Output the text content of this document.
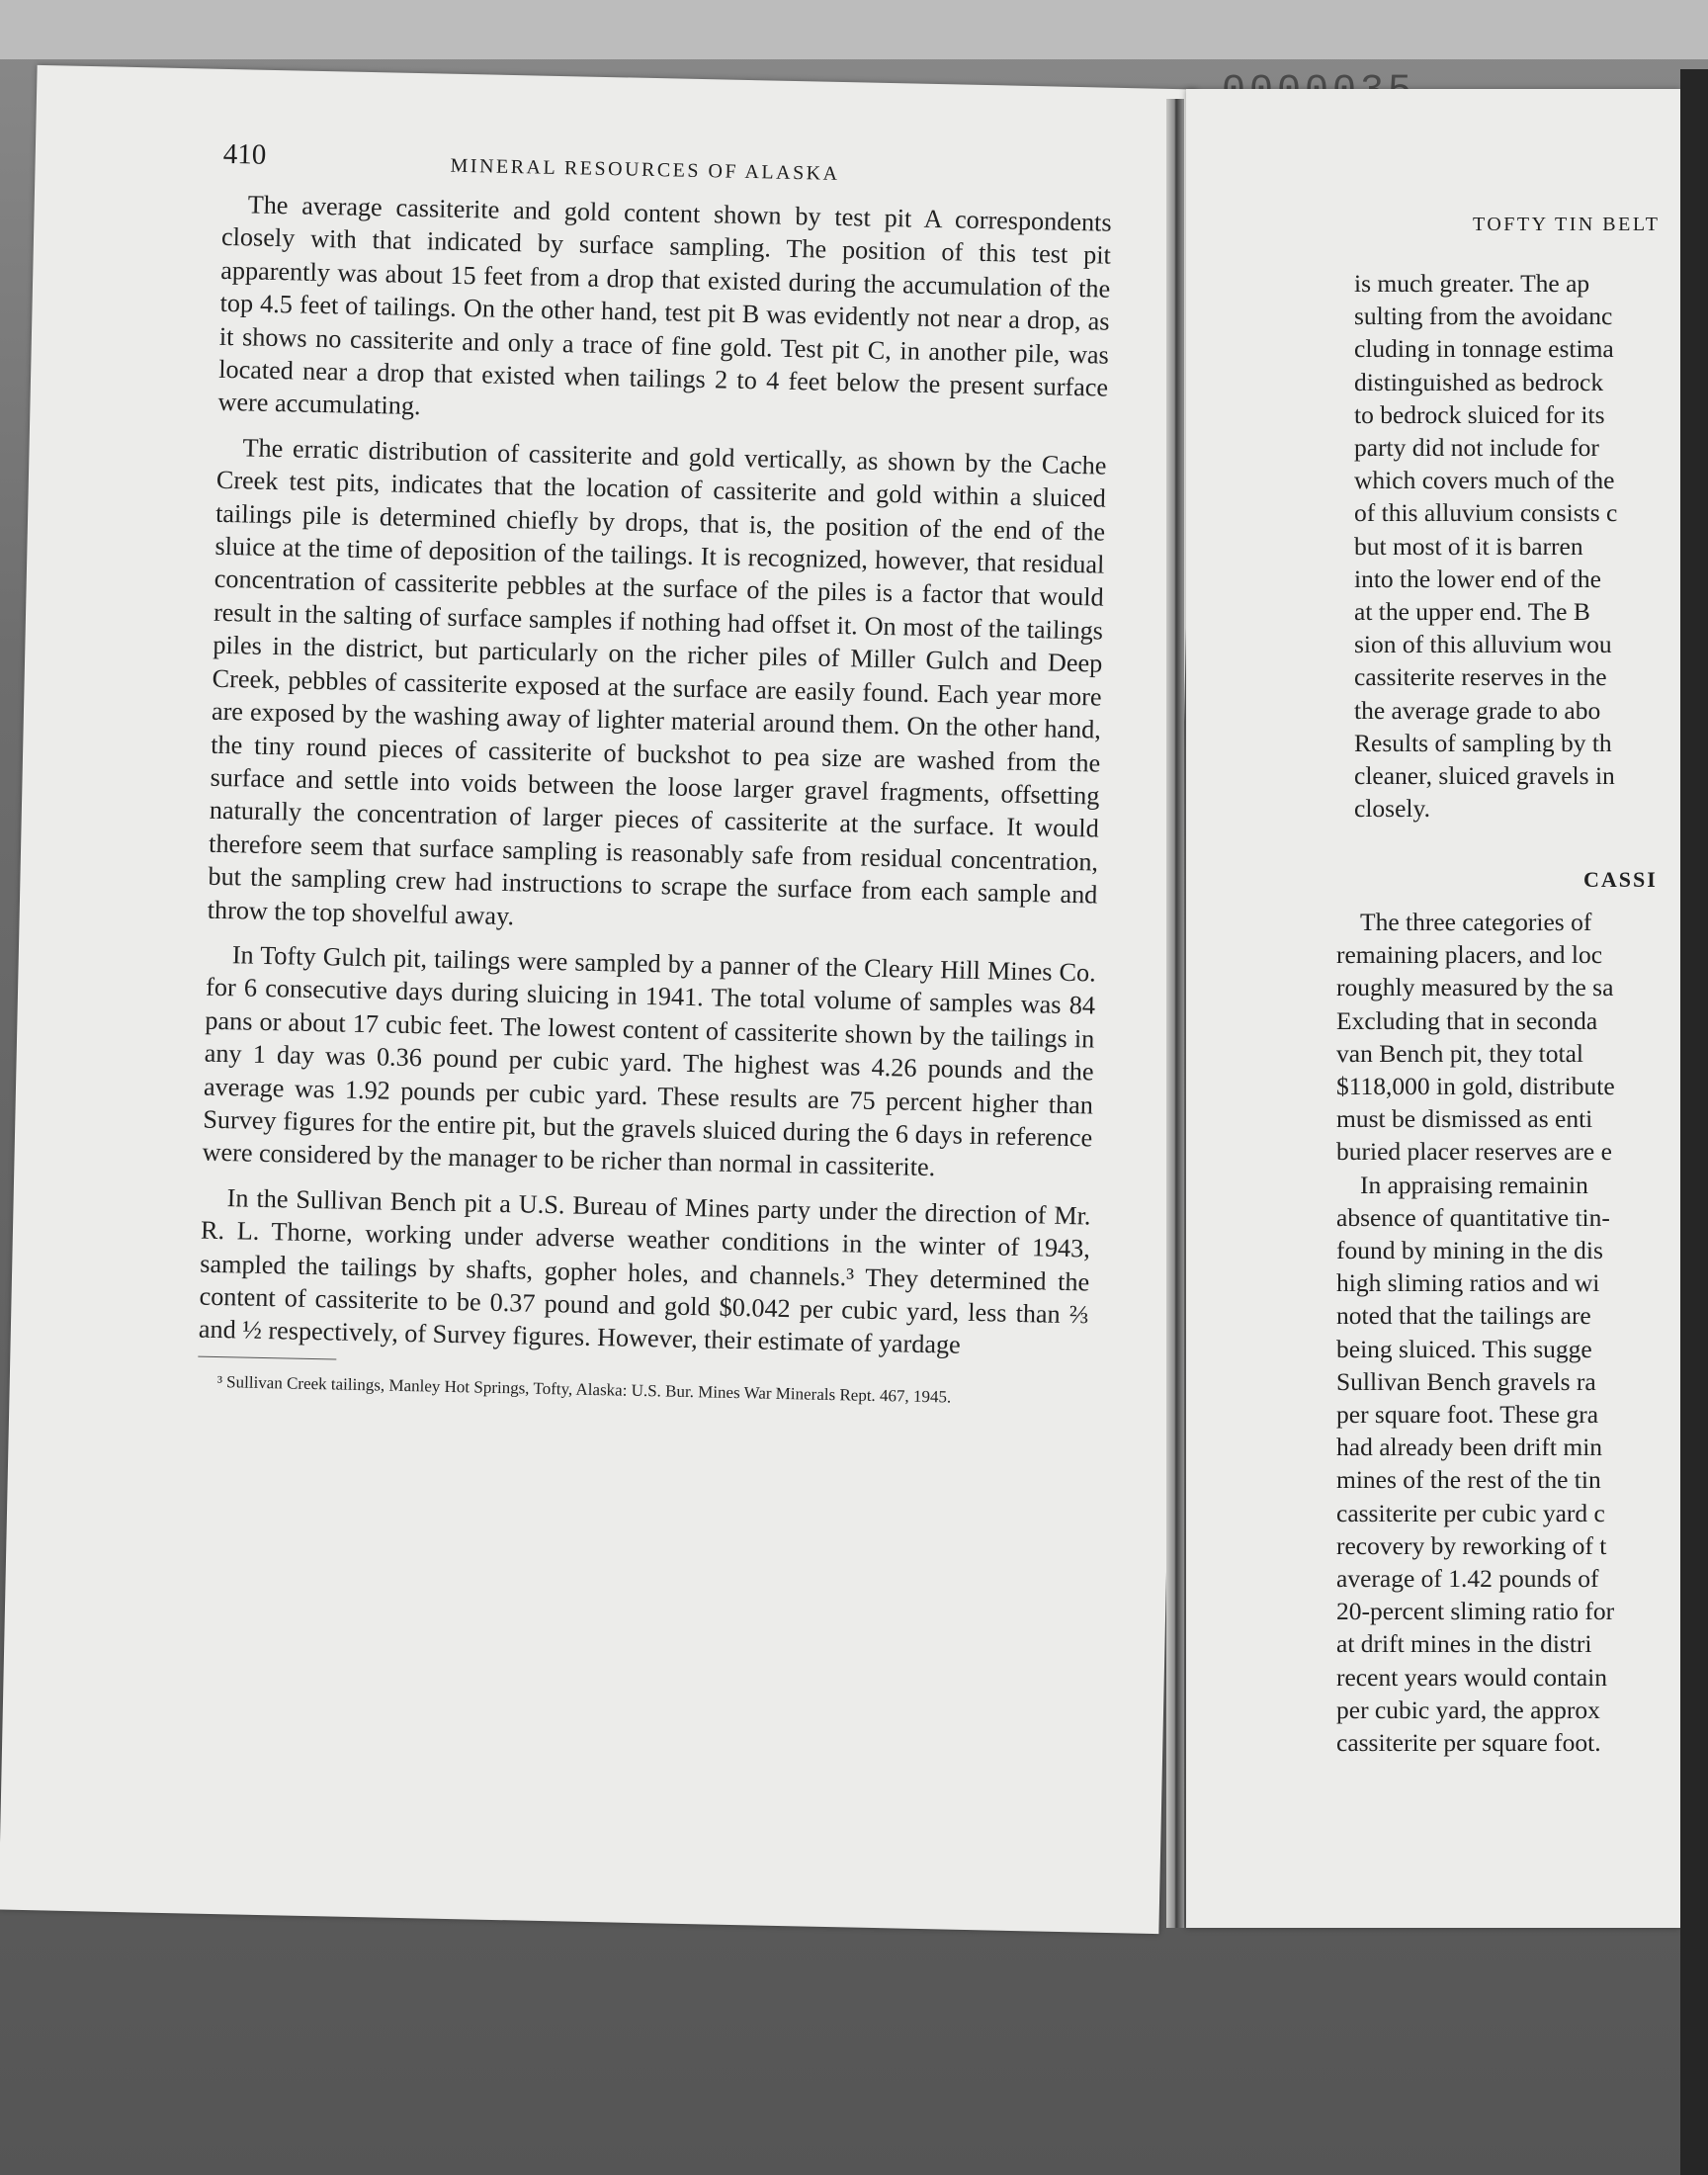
410	MINERAL RESOURCES OF ALASKA

The average cassiterite and gold content shown by test pit A correspondents closely with that indicated by surface sampling. The position of this test pit apparently was about 15 feet from a drop that existed during the accumulation of the top 4.5 feet of tailings. On the other hand, test pit B was evidently not near a drop, as it shows no cassiterite and only a trace of fine gold. Test pit C, in another pile, was located near a drop that existed when tailings 2 to 4 feet below the present surface were accumulating.

The erratic distribution of cassiterite and gold vertically, as shown by the Cache Creek test pits, indicates that the location of cassiterite and gold within a sluiced tailings pile is determined chiefly by drops, that is, the position of the end of the sluice at the time of deposition of the tailings. It is recognized, however, that residual concentration of cassiterite pebbles at the surface of the piles is a factor that would result in the salting of surface samples if nothing had offset it. On most of the tailings piles in the district, but particularly on the richer piles of Miller Gulch and Deep Creek, pebbles of cassiterite exposed at the surface are easily found. Each year more are exposed by the washing away of lighter material around them. On the other hand, the tiny round pieces of cassiterite of buckshot to pea size are washed from the surface and settle into voids between the loose larger gravel fragments, offsetting naturally the concentration of larger pieces of cassiterite at the surface. It would therefore seem that surface sampling is reasonably safe from residual concentration, but the sampling crew had instructions to scrape the surface from each sample and throw the top shovelful away.

In Tofty Gulch pit, tailings were sampled by a panner of the Cleary Hill Mines Co. for 6 consecutive days during sluicing in 1941. The total volume of samples was 84 pans or about 17 cubic feet. The lowest content of cassiterite shown by the tailings in any 1 day was 0.36 pound per cubic yard. The highest was 4.26 pounds and the average was 1.92 pounds per cubic yard. These results are 75 percent higher than Survey figures for the entire pit, but the gravels sluiced during the 6 days in reference were considered by the manager to be richer than normal in cassiterite.

In the Sullivan Bench pit a U.S. Bureau of Mines party under the direction of Mr. R. L. Thorne, working under adverse weather conditions in the winter of 1943, sampled the tailings by shafts, gopher holes, and channels.³ They determined the content of cassiterite to be 0.37 pound and gold $0.042 per cubic yard, less than ⅔ and ½ respectively, of Survey figures. However, their estimate of yardage

³ Sullivan Creek tailings, Manley Hot Springs, Tofty, Alaska: U.S. Bur. Mines War Minerals Rept. 467, 1945.

TOFTY TIN BELT
is much greater. The ap
sulting from the avoidanc
cluding in tonnage estima
distinguished as bedrock
to bedrock sluiced for its
party did not include for
which covers much of the
of this alluvium consists c
but most of it is barren
into the lower end of the
at the upper end. The B
sion of this alluvium wou
cassiterite reserves in the
the average grade to abo
Results of sampling by th
cleaner, sluiced gravels in
closely.
CASSI
The three categories of
remaining placers, and loc
roughly measured by the sa
Excluding that in seconda
van Bench pit, they total
$118,000 in gold, distribute
must be dismissed as enti
buried placer reserves are e
In appraising remainin
absence of quantitative tin-
found by mining in the dis
high sliming ratios and wi
noted that the tailings are
being sluiced. This sugge
Sullivan Bench gravels ra
per square foot. These gra
had already been drift min
mines of the rest of the tin
cassiterite per cubic yard c
recovery by reworking of t
average of 1.42 pounds of
20-percent sliming ratio for
at drift mines in the distri
recent years would contain
per cubic yard, the approx
cassiterite per square foot.
